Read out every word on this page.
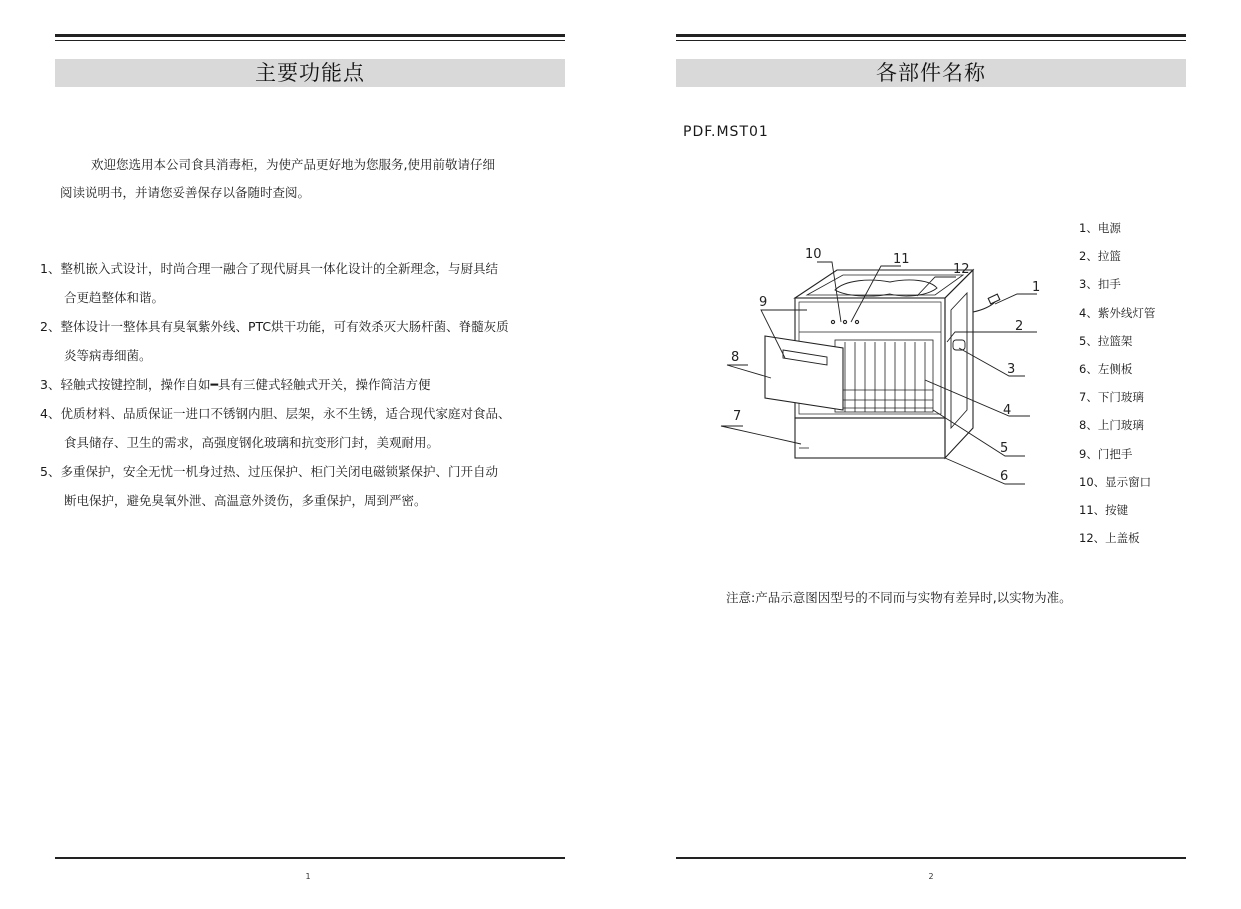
主要功能点

欢迎您选用本公司食具消毒柜，为使产品更好地为您服务,使用前敬请仔细

阅读说明书，并请您妥善保存以备随时查阅。

1、整机嵌入式设计，时尚合理一融合了现代厨具一体化设计的全新理念，与厨具结
合更趋整体和谐。
2、整体设计一整体具有臭氧紫外线、PTC烘干功能，可有效杀灭大肠杆菌、脊髓灰质
炎等病毒细菌。
3、轻触式按键控制，操作自如━具有三健式轻触式开关，操作简洁方便
4、优质材料、品质保证一进口不锈钢内胆、层架，永不生锈，适合现代家庭对食品、
食具储存、卫生的需求，高强度钢化玻璃和抗变形门封，美观耐用。
5、多重保护，安全无忧一机身过热、过压保护、柜门关闭电磁锁紧保护、门开自动
断电保护，避免臭氧外泄、高温意外烫伤，多重保护，周到严密。
1
各部件名称
PDF.MST01
10	11
12
1
2
3
4
5
6
9
8
7
1、电源
2、拉篮
3、扣手
4、紫外线灯管
5、拉篮架
6、左侧板
7、下门玻璃
8、上门玻璃
9、门把手
10、显示窗口
11、按键
12、上盖板
注意:产品示意图因型号的不同而与实物有差异时,以实物为准。
2
